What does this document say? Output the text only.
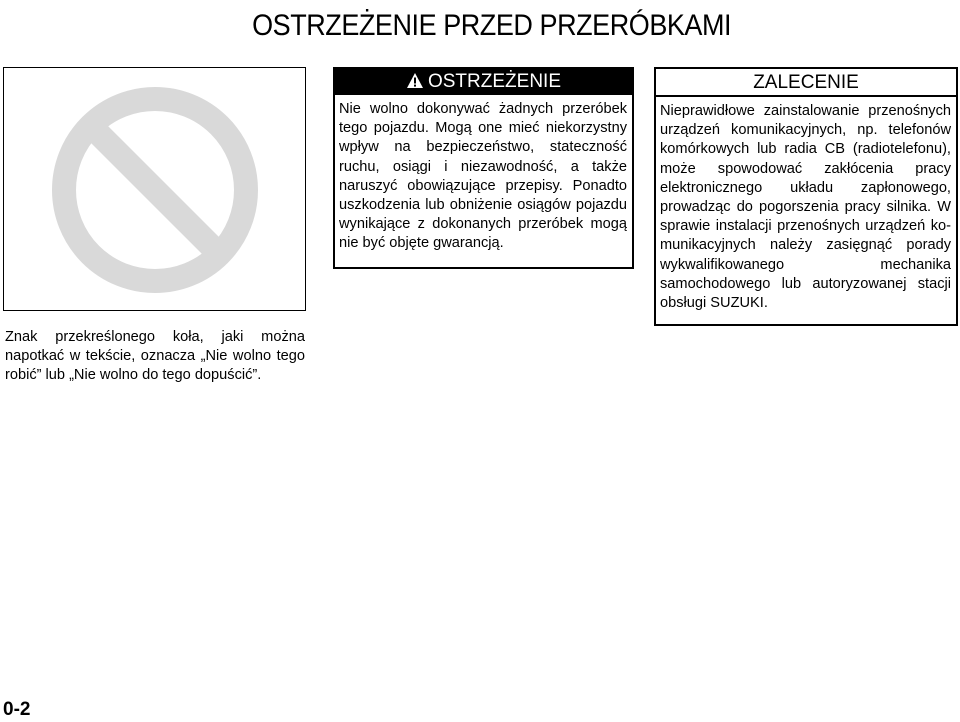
OSTRZEŻENIE PRZED PRZERÓBKAMI
Znak przekreślonego koła, jaki można napotkać w tekście, oznacza „Nie wolno tego robić” lub „Nie wolno do tego dopuścić”.
OSTRZEŻENIE
Nie wolno dokonywać żadnych przeróbek tego pojazdu. Mogą one mieć niekorzystny wpływ na bezpieczeństwo, stateczność ruchu, osiągi i niezawodność, a także naruszyć obowiązujące przepisy. Ponadto uszkodzenia lub obniżenie osiągów pojazdu wynikające z dokonanych przeróbek mogą nie być objęte gwarancją.
ZALECENIE
Nieprawidłowe zainstalowanie przenośnych urządzeń komunikacyjnych, np. telefonów komórkowych lub radia CB (radiotelefonu), może spowodować zakłócenia pracy elektronicznego układu zapłonowego, prowadząc do pogorszenia pracy silnika. W sprawie instalacji przenośnych urządzeń komunikacyjnych należy zasięgnąć porady wykwalifikowanego mechanika samochodowego lub autoryzowanej stacji obsługi SUZUKI.
0-2
